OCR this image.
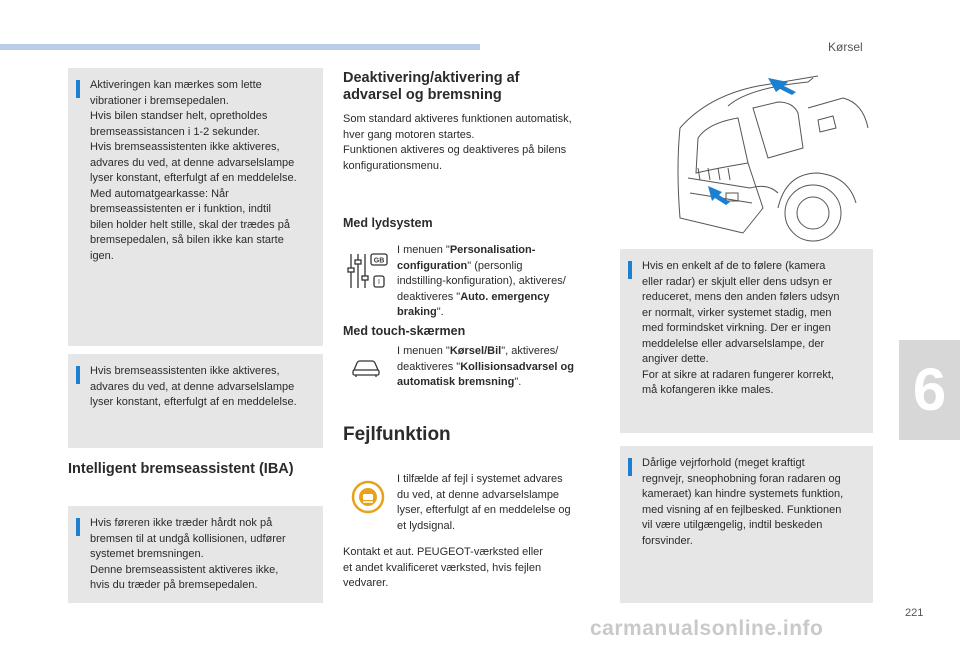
Kørsel
6
221
carmanualsonline.info
Aktiveringen kan mærkes som lette
vibrationer i bremsepedalen.
Hvis bilen standser helt, opretholdes
bremseassistancen i 1-2 sekunder.
Hvis bremseassistenten ikke aktiveres,
advares du ved, at denne advarselslampe
lyser konstant, efterfulgt af en meddelelse.
Med automatgearkasse: Når
bremseassistenten er i funktion, indtil
bilen holder helt stille, skal der trædes på
bremsepedalen, så bilen ikke kan starte
igen.
Hvis bremseassistenten ikke aktiveres,
advares du ved, at denne advarselslampe
lyser konstant, efterfulgt af en meddelelse.
Intelligent bremseassistent (IBA)
Hvis føreren ikke træder hårdt nok på
bremsen til at undgå kollisionen, udfører
systemet bremsningen.
Denne bremseassistent aktiveres ikke,
hvis du træder på bremsepedalen.
Deaktivering/aktivering af
advarsel og bremsning
Som standard aktiveres funktionen automatisk,
hver gang motoren startes.
Funktionen aktiveres og deaktiveres på bilens
konfigurationsmenu.
Med lydsystem
GB
I
I menuen "Personalisation-
configuration" (personlig
indstilling-konfiguration), aktiveres/
deaktiveres "Auto. emergency
braking".
Med touch-skærmen
I menuen "Kørsel/Bil", aktiveres/
deaktiveres "Kollisionsadvarsel og
automatisk bremsning".
Fejlfunktion
I tilfælde af fejl i systemet advares
du ved, at denne advarselslampe
lyser, efterfulgt af en meddelelse og
et lydsignal.
Kontakt et aut. PEUGEOT-værksted eller
et andet kvalificeret værksted, hvis fejlen
vedvarer.
Hvis en enkelt af de to følere (kamera
eller radar) er skjult eller dens udsyn er
reduceret, mens den anden følers udsyn
er normalt, virker systemet stadig, men
med formindsket virkning. Der er ingen
meddelelse eller advarselslampe, der
angiver dette.
For at sikre at radaren fungerer korrekt,
må kofangeren ikke males.
Dårlige vejrforhold (meget kraftigt
regnvejr, sneophobning foran radaren og
kameraet) kan hindre systemets funktion,
med visning af en fejlbesked. Funktionen
vil være utilgængelig, indtil beskeden
forsvinder.
